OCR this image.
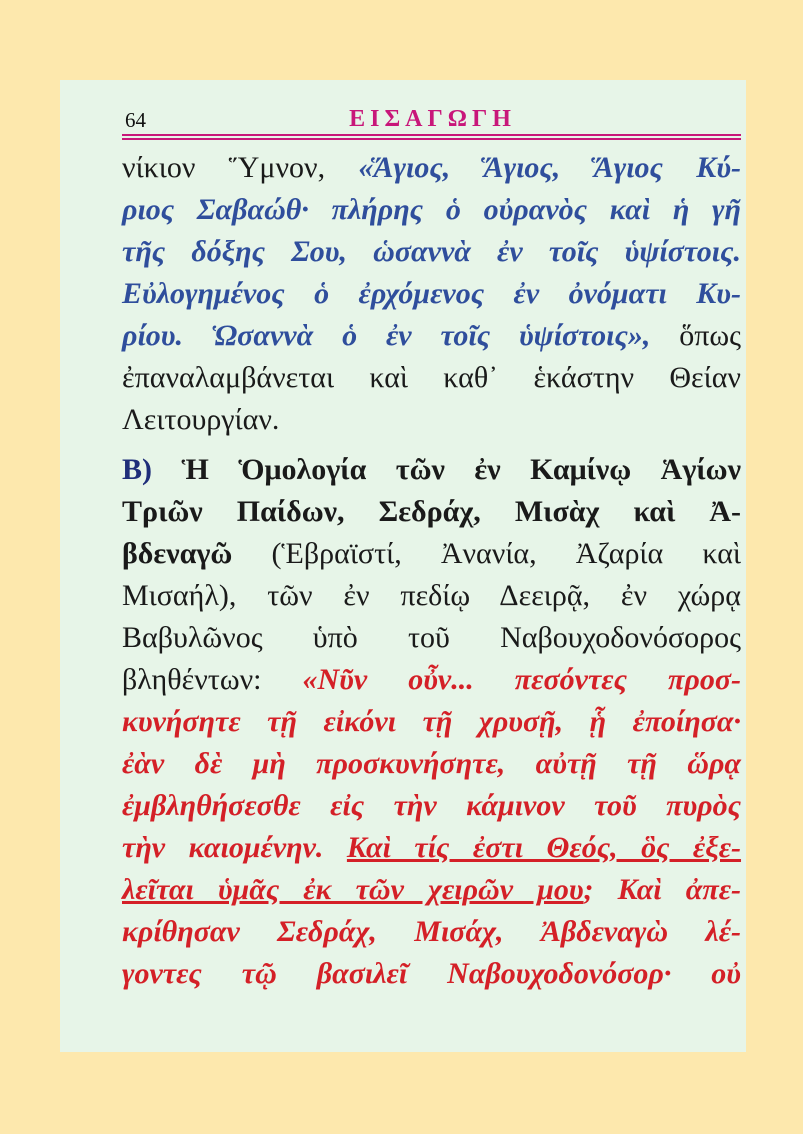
64	ΕΙΣΑΓΩΓΗ
νίκιον Ὕμνον, «Ἅγιος, Ἅγιος, Ἅγιος Κύ-
ριος Σαβαώθ· πλήρης ὁ οὐρανὸς καὶ ἡ γῆ
τῆς δόξης Σου, ὡσαννὰ ἐν τοῖς ὑψίστοις.
Εὐλογημένος ὁ ἐρχόμενος ἐν ὀνόματι Κυ-
ρίου. Ὡσαννὰ ὁ ἐν τοῖς ὑψίστοις», ὅπως
ἐπαναλαμβάνεται καὶ καθ᾽ ἑκάστην Θείαν
Λειτουργίαν.
Β) Ἡ Ὁμολογία τῶν ἐν Καμίνῳ Ἁγίων
Τριῶν Παίδων, Σεδράχ, Μισὰχ καὶ Ἀ-
βδεναγῶ (Ἑβραϊστί, Ἀνανία, Ἀζαρία καὶ
Μισαήλ), τῶν ἐν πεδίῳ Δεειρᾷ, ἐν χώρᾳ
Βαβυλῶνος ὑπὸ τοῦ Ναβουχοδονόσορος
βληθέντων: «Νῦν οὖν... πεσόντες προσ-
κυνήσητε τῇ εἰκόνι τῇ χρυσῇ, ᾗ ἐποίησα·
ἐὰν δὲ μὴ προσκυνήσητε, αὐτῇ τῇ ὥρᾳ
ἐμβληθήσεσθε εἰς τὴν κάμινον τοῦ πυρὸς
τὴν καιομένην. Καὶ τίς ἐστι Θεός, ὃς ἐξε-
λεῖται ὑμᾶς ἐκ τῶν χειρῶν μου; Καὶ ἀπε-
κρίθησαν Σεδράχ, Μισάχ, Ἀβδεναγὼ λέ-
γοντες τῷ βασιλεῖ Ναβουχοδονόσορ· οὐ
